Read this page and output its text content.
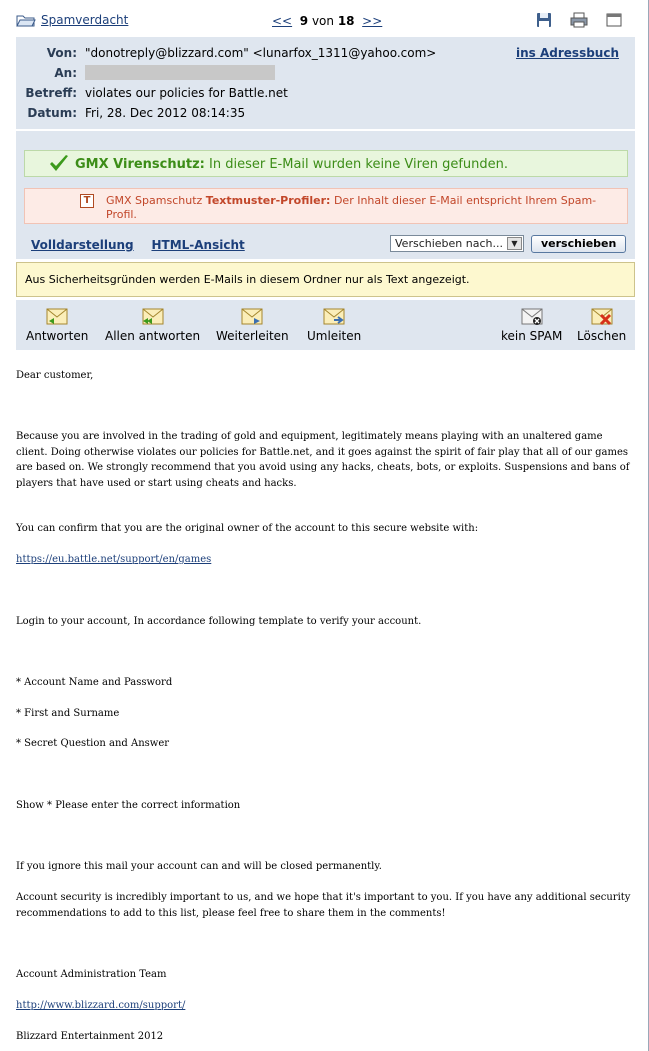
Spamverdacht	<< 9 von 18 >>
Von: "donotreply@blizzard.com" <lunarfox_1311@yahoo.com>	ins Adressbuch
An:
Betreff: violates our policies for Battle.net
Datum: Fri, 28. Dec 2012 08:14:35
GMX Virenschutz: In dieser E-Mail wurden keine Viren gefunden.
T	GMX Spamschutz Textmuster-Profiler: Der Inhalt dieser E-Mail entspricht Ihrem Spam-Profil.
Volldarstellung HTML-Ansicht	Verschieben nach...	▼	verschieben
Aus Sicherheitsgründen werden E-Mails in diesem Ordner nur als Text angezeigt.
Antworten Allen antworten Weiterleiten Umleiten	kein SPAM Löschen

Dear customer,

Because you are involved in the trading of gold and equipment, legitimately means playing with an unaltered game client. Doing otherwise violates our policies for Battle.net, and it goes against the spirit of fair play that all of our games are based on. We strongly recommend that you avoid using any hacks, cheats, bots, or exploits. Suspensions and bans of players that have used or start using cheats and hacks.

You can confirm that you are the original owner of the account to this secure website with:

https://eu.battle.net/support/en/games

Login to your account, In accordance following template to verify your account.

* Account Name and Password

* First and Surname

* Secret Question and Answer

Show * Please enter the correct information

If you ignore this mail your account can and will be closed permanently.

Account security is incredibly important to us, and we hope that it's important to you. If you have any additional security recommendations to add to this list, please feel free to share them in the comments!

Account Administration Team

http://www.blizzard.com/support/

Blizzard Entertainment 2012
